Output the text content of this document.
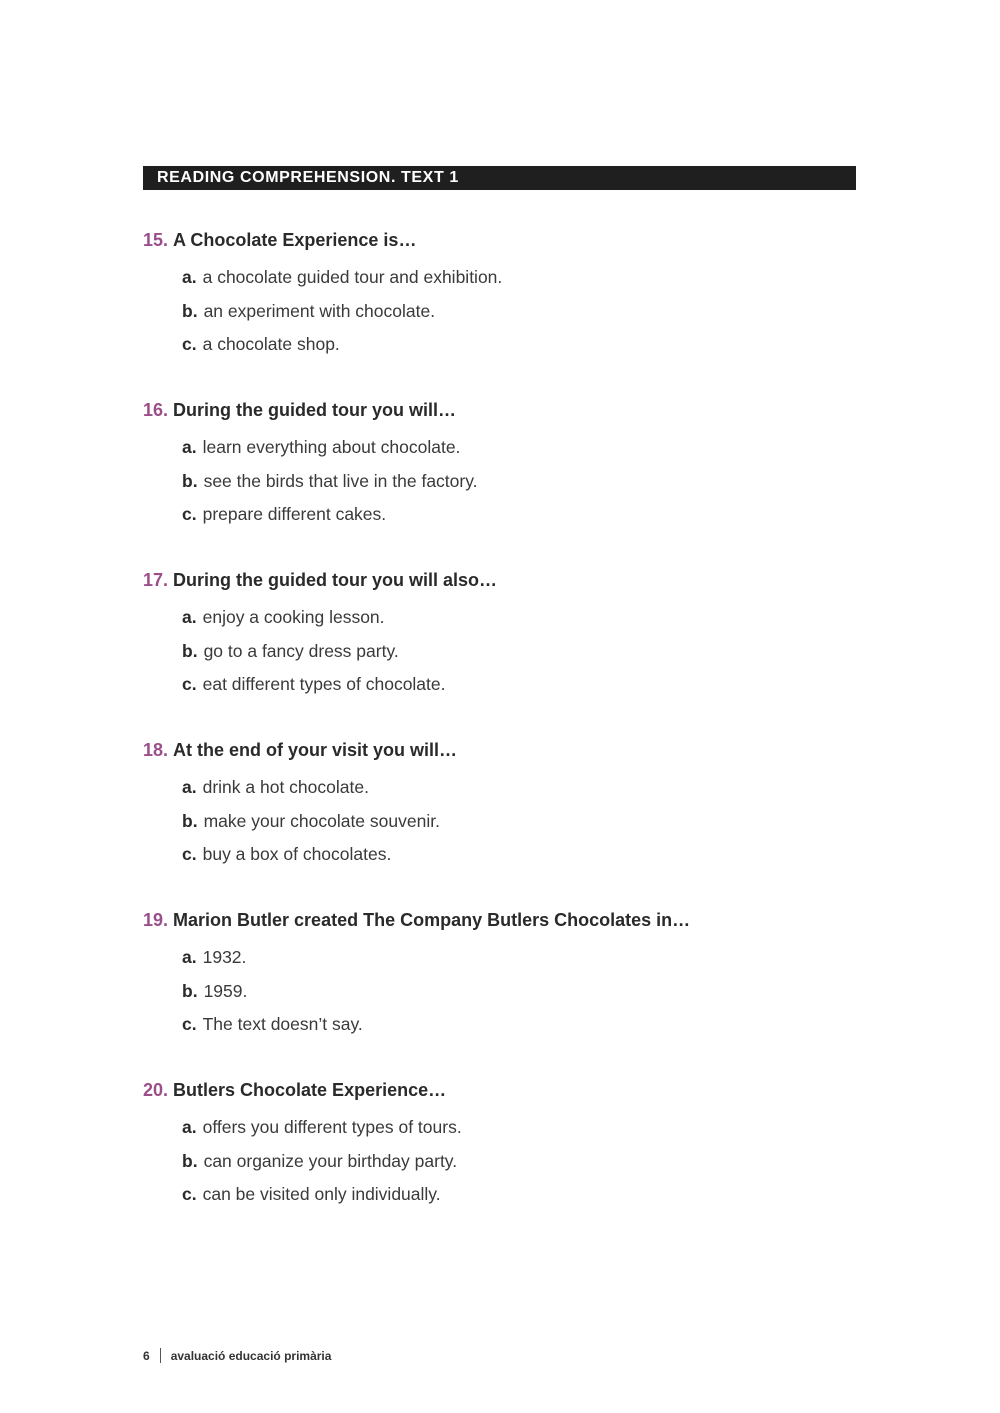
READING COMPREHENSION. TEXT 1
15. A Chocolate Experience is…
a. a chocolate guided tour and exhibition.
b. an experiment with chocolate.
c. a chocolate shop.
16. During the guided tour you will…
a. learn everything about chocolate.
b. see the birds that live in the factory.
c. prepare different cakes.
17. During the guided tour you will also…
a. enjoy a cooking lesson.
b. go to a fancy dress party.
c. eat different types of chocolate.
18. At the end of your visit you will…
a. drink a hot chocolate.
b. make your chocolate souvenir.
c. buy a box of chocolates.
19. Marion Butler created The Company Butlers Chocolates in…
a. 1932.
b. 1959.
c. The text doesn’t say.
20. Butlers Chocolate Experience…
a. offers you different types of tours.
b. can organize your birthday party.
c. can be visited only individually.
6 avaluació educació primària
